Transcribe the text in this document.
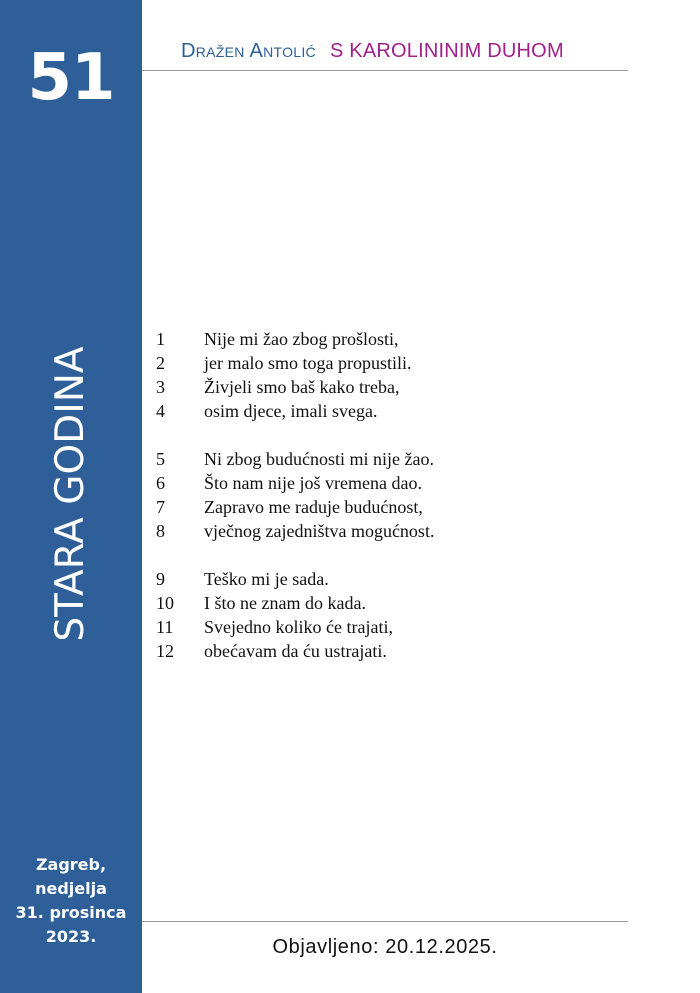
51
STARA GODINA
Zagreb,
nedjelja
31. prosinca
2023.
Dražen Antolić S KAROLININIM DUHOM
1	Nije mi žao zbog prošlosti,
2	jer malo smo toga propustili.
3	Živjeli smo baš kako treba,
4	osim djece, imali svega.
5	Ni zbog budućnosti mi nije žao.
6	Što nam nije još vremena dao.
7	Zapravo me raduje budućnost,
8	vječnog zajedništva mogućnost.
9	Teško mi je sada.
10	I što ne znam do kada.
11	Svejedno koliko će trajati,
12	obećavam da ću ustrajati.
Objavljeno: 20.12.2025.
